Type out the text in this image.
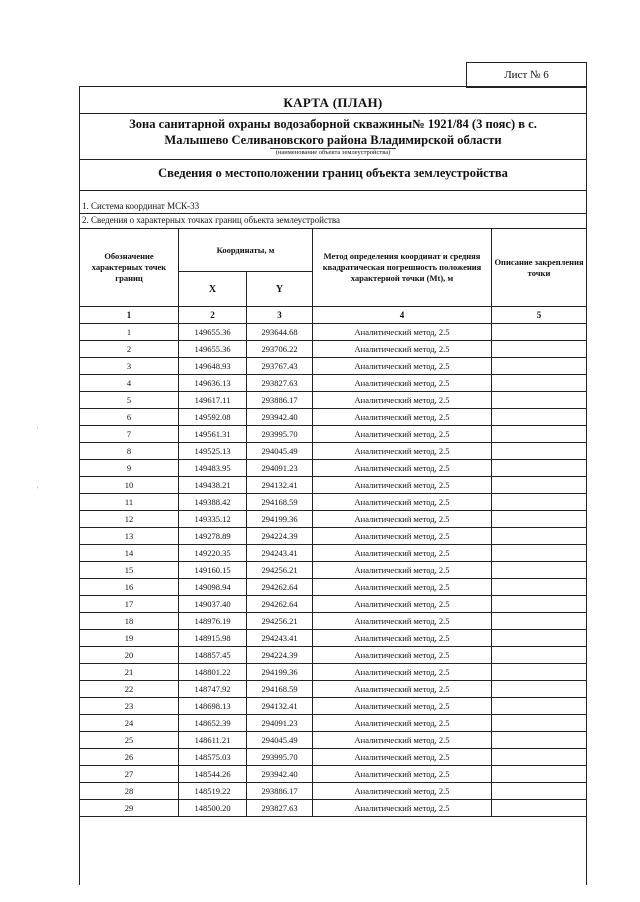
Лист № 6
ʾ
ʾ
КАРТА (ПЛАН)
Зона санитарной охраны водозаборной скважины№ 1921/84 (3 пояс) в с.
Малышево Селивановского района Владимирской области
(наименование объекта землеустройства)
Сведения о местоположении границ объекта землеустройства
1. Система координат МСК-33
2. Сведения о характерных точках границ объекта землеустройства
Обозначение характерных точек границ	Координаты, м		Метод определения координат и средняя квадратическая погрешность положения характерной точки (Mt), м	Описание закрепления точки
	X	Y		
1	2	3	4	5
1	149655.36	293644.68	Аналитический метод, 2.5	
2	149655.36	293706.22	Аналитический метод, 2.5	
3	149648.93	293767.43	Аналитический метод, 2.5	
4	149636.13	293827.63	Аналитический метод, 2.5	
5	149617.11	293886.17	Аналитический метод, 2.5	
6	149592.08	293942.40	Аналитический метод, 2.5	
7	149561.31	293995.70	Аналитический метод, 2.5	
8	149525.13	294045.49	Аналитический метод, 2.5	
9	149483.95	294091.23	Аналитический метод, 2.5	
10	149438.21	294132.41	Аналитический метод, 2.5	
11	149388.42	294168.59	Аналитический метод, 2.5	
12	149335.12	294199.36	Аналитический метод, 2.5	
13	149278.89	294224.39	Аналитический метод, 2.5	
14	149220.35	294243.41	Аналитический метод, 2.5	
15	149160.15	294256.21	Аналитический метод, 2.5	
16	149098.94	294262.64	Аналитический метод, 2.5	
17	149037.40	294262.64	Аналитический метод, 2.5	
18	148976.19	294256.21	Аналитический метод, 2.5	
19	148915.98	294243.41	Аналитический метод, 2.5	
20	148857.45	294224.39	Аналитический метод, 2.5	
21	148801.22	294199.36	Аналитический метод, 2.5	
22	148747.92	294168.59	Аналитический метод, 2.5	
23	148698.13	294132.41	Аналитический метод, 2.5	
24	148652.39	294091.23	Аналитический метод, 2.5	
25	148611.21	294045.49	Аналитический метод, 2.5	
26	148575.03	293995.70	Аналитический метод, 2.5	
27	148544.26	293942.40	Аналитический метод, 2.5	
28	148519.22	293886.17	Аналитический метод, 2.5	
29	148500.20	293827.63	Аналитический метод, 2.5	
